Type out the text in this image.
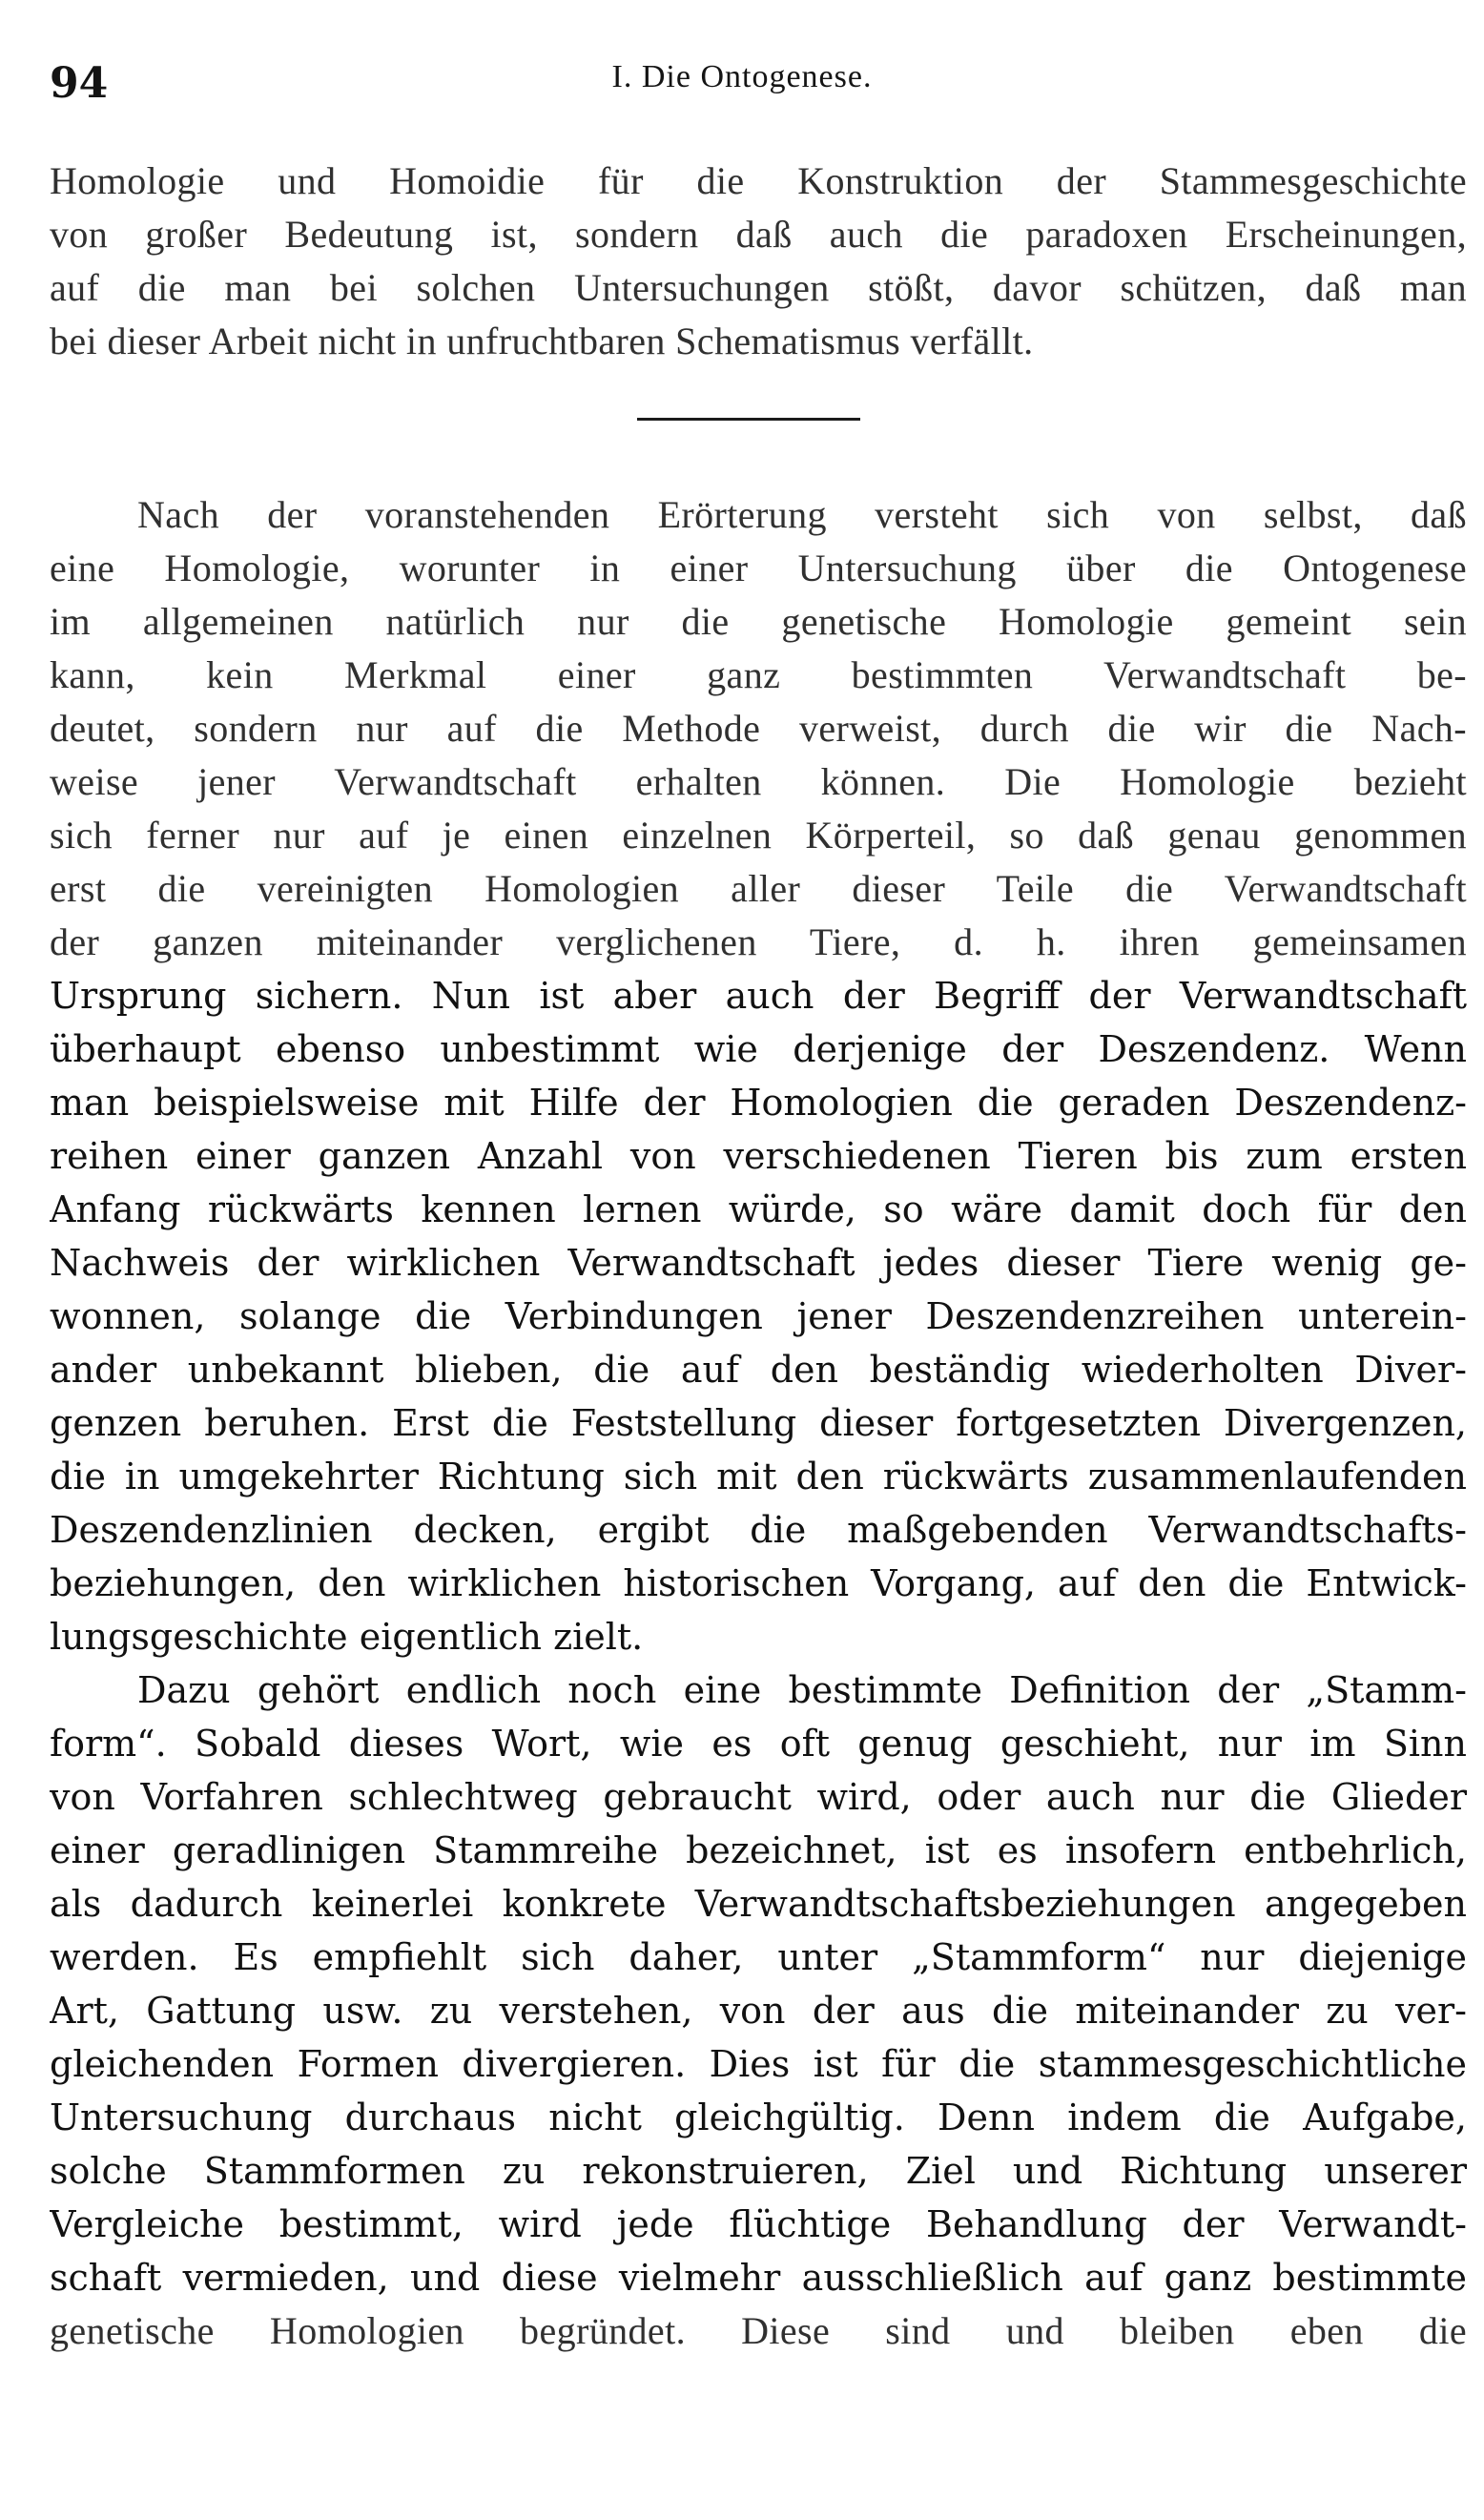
94	I. Die Ontogenese.
Homologie und Homoidie für die Konstruktion der Stammesgeschichte
von großer Bedeutung ist, sondern daß auch die paradoxen Erscheinungen,
auf die man bei solchen Untersuchungen stößt, davor schützen, daß man
bei dieser Arbeit nicht in unfruchtbaren Schematismus verfällt.
Nach der voranstehenden Erörterung versteht sich von selbst, daß
eine Homologie, worunter in einer Untersuchung über die Ontogenese
im allgemeinen natürlich nur die genetische Homologie gemeint sein
kann, kein Merkmal einer ganz bestimmten Verwandtschaft be-
deutet, sondern nur auf die Methode verweist, durch die wir die Nach-
weise jener Verwandtschaft erhalten können. Die Homologie bezieht
sich ferner nur auf je einen einzelnen Körperteil, so daß genau genommen
erst die vereinigten Homologien aller dieser Teile die Verwandtschaft
der ganzen miteinander verglichenen Tiere, d. h. ihren gemeinsamen
Ursprung sichern. Nun ist aber auch der Begriff der Verwandtschaft
überhaupt ebenso unbestimmt wie derjenige der Deszendenz. Wenn
man beispielsweise mit Hilfe der Homologien die geraden Deszendenz-
reihen einer ganzen Anzahl von verschiedenen Tieren bis zum ersten
Anfang rückwärts kennen lernen würde, so wäre damit doch für den
Nachweis der wirklichen Verwandtschaft jedes dieser Tiere wenig ge-
wonnen, solange die Verbindungen jener Deszendenzreihen unterein-
ander unbekannt blieben, die auf den beständig wiederholten Diver-
genzen beruhen. Erst die Feststellung dieser fortgesetzten Divergenzen,
die in umgekehrter Richtung sich mit den rückwärts zusammenlaufenden
Deszendenzlinien decken, ergibt die maßgebenden Verwandtschafts-
beziehungen, den wirklichen historischen Vorgang, auf den die Entwick-
lungsgeschichte eigentlich zielt.
Dazu gehört endlich noch eine bestimmte Definition der „Stamm-
form“. Sobald dieses Wort, wie es oft genug geschieht, nur im Sinn
von Vorfahren schlechtweg gebraucht wird, oder auch nur die Glieder
einer geradlinigen Stammreihe bezeichnet, ist es insofern entbehrlich,
als dadurch keinerlei konkrete Verwandtschaftsbeziehungen angegeben
werden. Es empfiehlt sich daher, unter „Stammform“ nur diejenige
Art, Gattung usw. zu verstehen, von der aus die miteinander zu ver-
gleichenden Formen divergieren. Dies ist für die stammesgeschichtliche
Untersuchung durchaus nicht gleichgültig. Denn indem die Aufgabe,
solche Stammformen zu rekonstruieren, Ziel und Richtung unserer
Vergleiche bestimmt, wird jede flüchtige Behandlung der Verwandt-
schaft vermieden, und diese vielmehr ausschließlich auf ganz bestimmte
genetische Homologien begründet. Diese sind und bleiben eben die
